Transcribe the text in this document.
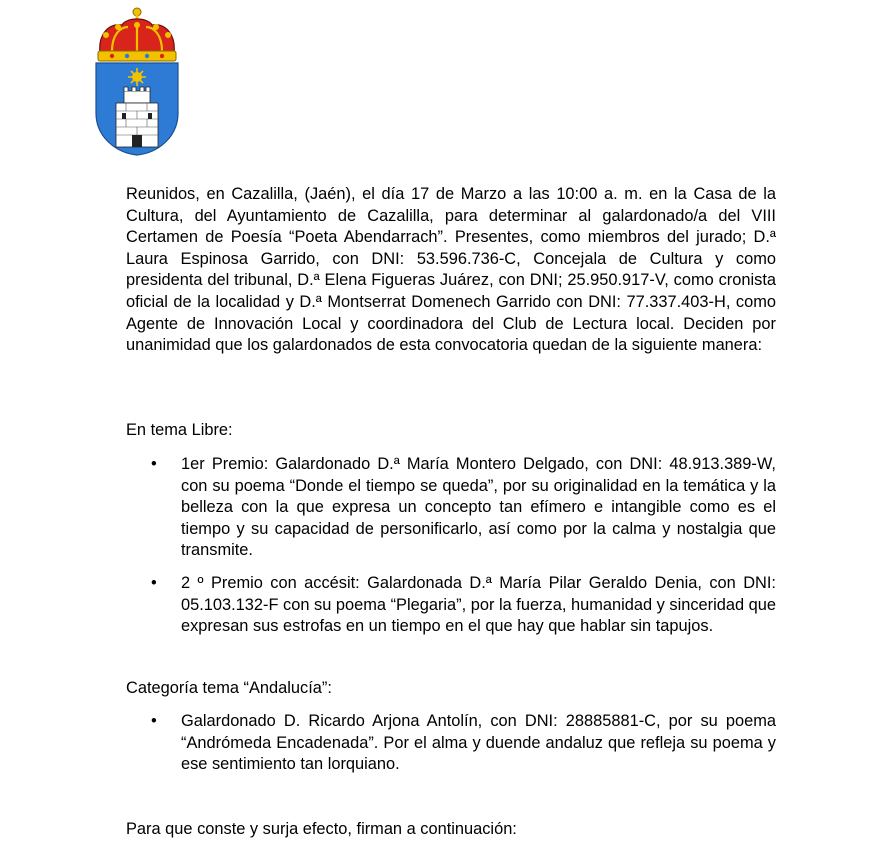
Reunidos, en Cazalilla, (Jaén), el día 17 de Marzo a las 10:00 a. m. en la Casa de la Cultura, del Ayuntamiento de Cazalilla, para determinar al galardonado/a del VIII Certamen de Poesía “Poeta Abendarrach”. Presentes, como miembros del jurado; D.ª Laura Espinosa Garrido, con DNI: 53.596.736-C, Concejala de Cultura y como presidenta del tribunal, D.ª Elena Figueras Juárez, con DNI; 25.950.917-V, como cronista oficial de la localidad y D.ª Montserrat Domenech Garrido con DNI: 77.337.403-H, como Agente de Innovación Local y coordinadora del Club de Lectura local. Deciden por unanimidad que los galardonados de esta convocatoria quedan de la siguiente manera:

En tema Libre:

• 1er Premio: Galardonado D.ª María Montero Delgado, con DNI: 48.913.389-W, con su poema “Donde el tiempo se queda”, por su originalidad en la temática y la belleza con la que expresa un concepto tan efímero e intangible como es el tiempo y su capacidad de personificarlo, así como por la calma y nostalgia que transmite.
• 2 º Premio con accésit: Galardonada D.ª María Pilar Geraldo Denia, con DNI: 05.103.132-F con su poema “Plegaria”, por la fuerza, humanidad y sinceridad que expresan sus estrofas en un tiempo en el que hay que hablar sin tapujos.

Categoría tema “Andalucía”:

• Galardonado D. Ricardo Arjona Antolín, con DNI: 28885881-C, por su poema “Andrómeda Encadenada”. Por el alma y duende andaluz que refleja su poema y ese sentimiento tan lorquiano.

Para que conste y surja efecto, firman a continuación:
